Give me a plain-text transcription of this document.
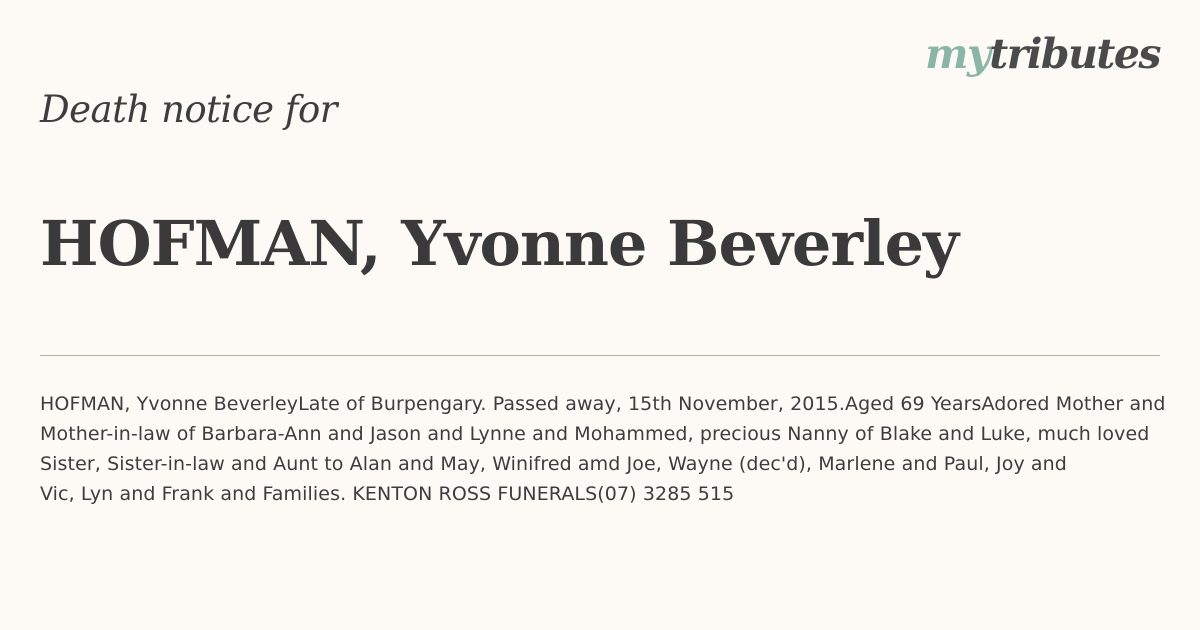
mytributes
Death notice for
HOFMAN, Yvonne Beverley
HOFMAN, Yvonne BeverleyLate of Burpengary. Passed away, 15th November, 2015.Aged 69 YearsAdored Mother and
Mother-in-law of Barbara-Ann and Jason and Lynne and Mohammed, precious Nanny of Blake and Luke, much loved
Sister, Sister-in-law and Aunt to Alan and May, Winifred amd Joe, Wayne (dec'd), Marlene and Paul, Joy and
Vic, Lyn and Frank and Families. KENTON ROSS FUNERALS(07) 3285 515
